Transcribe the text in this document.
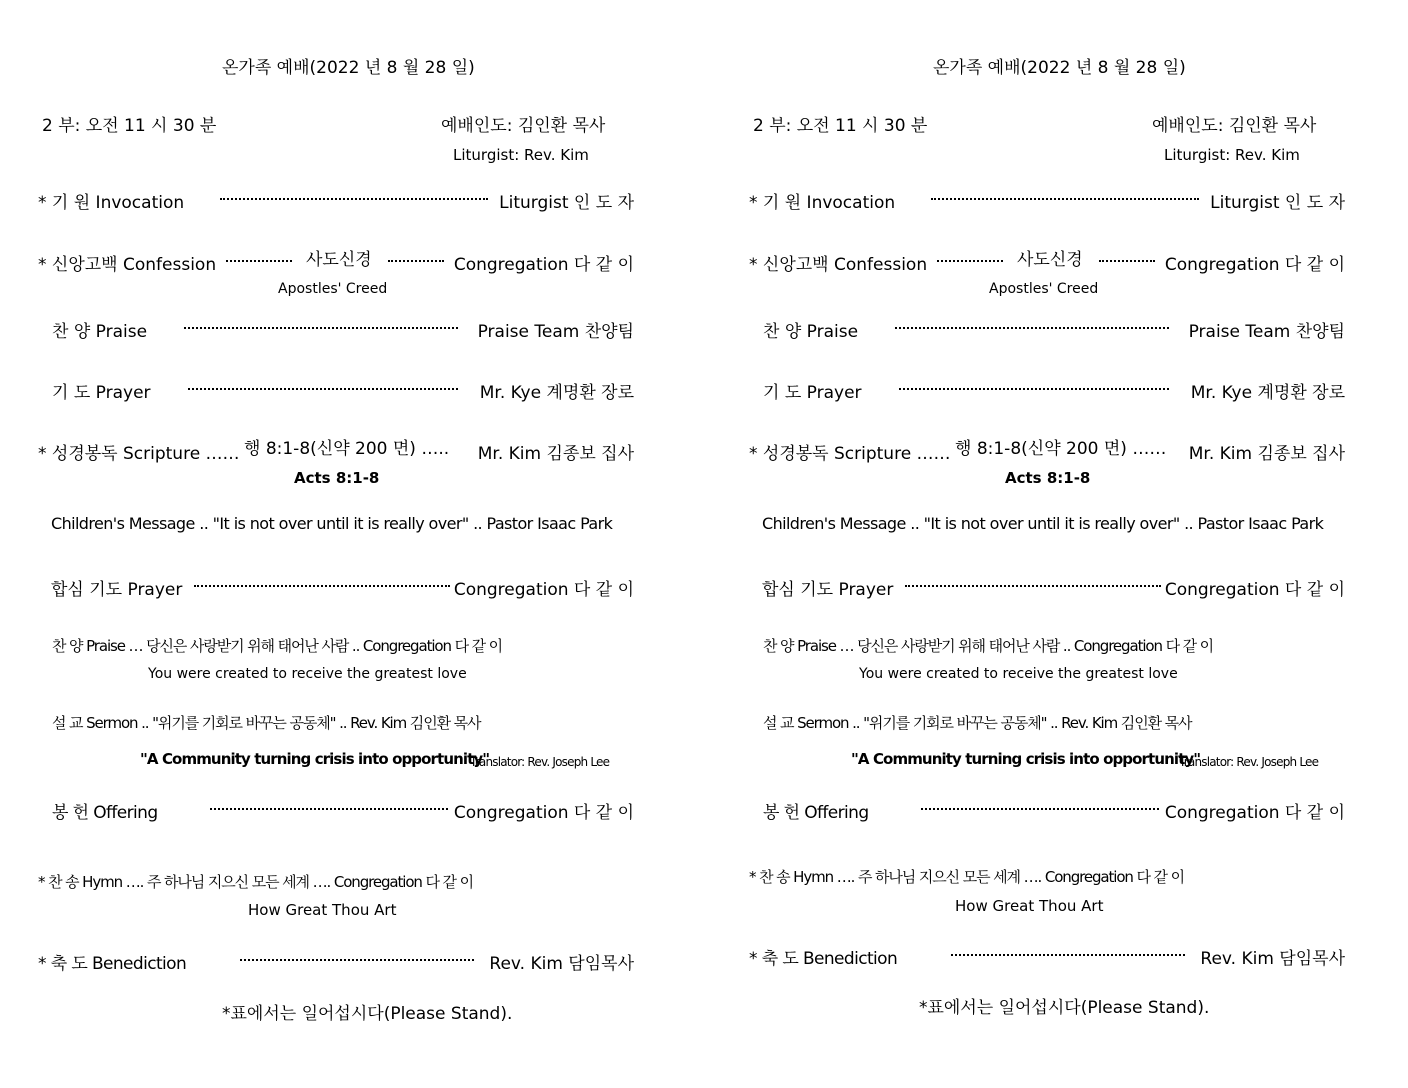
온가족 예배(2022 년 8 월 28 일)
2 부: 오전 11 시 30 분	예배인도: 김인환 목사
Liturgist: Rev. Kim
* 기 원 Invocation	Liturgist 인 도 자
* 신앙고백 Confession	사도신경	Congregation 다 같 이
Apostles' Creed
찬 양 Praise	Praise Team 찬양팀
기 도 Prayer	Mr. Kye 계명환 장로
* 성경봉독 Scripture …… 행 8:1-8(신약 200 면) ….. Mr. Kim 김종보 집사
Acts 8:1-8
Children's Message .. "It is not over until it is really over" .. Pastor Isaac Park
합심 기도 Prayer	Congregation 다 같 이
찬 양 Praise … 당신은 사랑받기 위해 태어난 사람 .. Congregation 다 같 이
You were created to receive the greatest love
설 교 Sermon .. "위기를 기회로 바꾸는 공동체" .. Rev. Kim 김인환 목사
"A Community turning crisis into opportunity"
Translator: Rev. Joseph Lee
봉 헌 Offering	Congregation 다 같 이
* 찬 송 Hymn …. 주 하나님 지으신 모든 세계 …. Congregation 다 같 이
How Great Thou Art
* 축 도 Benediction	Rev. Kim 담임목사
*표에서는 일어섭시다(Please Stand).
온가족 예배(2022 년 8 월 28 일)
2 부: 오전 11 시 30 분	예배인도: 김인환 목사
Liturgist: Rev. Kim
* 기 원 Invocation	Liturgist 인 도 자
* 신앙고백 Confession	사도신경	Congregation 다 같 이
Apostles' Creed
찬 양 Praise	Praise Team 찬양팀
기 도 Prayer	Mr. Kye 계명환 장로
* 성경봉독 Scripture …… 행 8:1-8(신약 200 면) …… Mr. Kim 김종보 집사
Acts 8:1-8
Children's Message .. "It is not over until it is really over" .. Pastor Isaac Park
합심 기도 Prayer	Congregation 다 같 이
찬 양 Praise … 당신은 사랑받기 위해 태어난 사람 .. Congregation 다 같 이
You were created to receive the greatest love
설 교 Sermon .. "위기를 기회로 바꾸는 공동체" .. Rev. Kim 김인환 목사
"A Community turning crisis into opportunity"
Translator: Rev. Joseph Lee
봉 헌 Offering	Congregation 다 같 이
* 찬 송 Hymn …. 주 하나님 지으신 모든 세계 …. Congregation 다 같 이
How Great Thou Art
* 축 도 Benediction	Rev. Kim 담임목사
*표에서는 일어섭시다(Please Stand).
